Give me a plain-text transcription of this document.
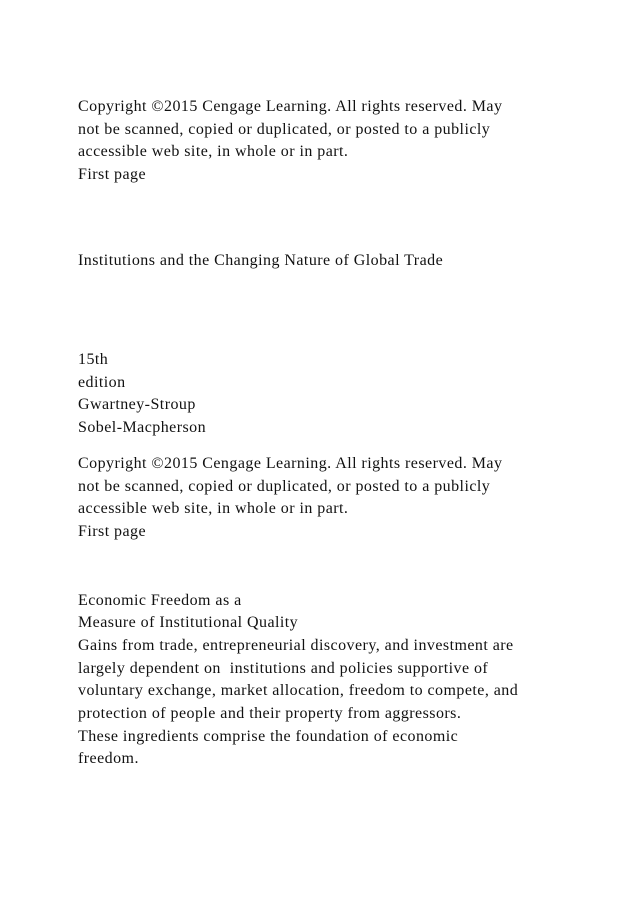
Copyright ©2015 Cengage Learning. All rights reserved. May

not be scanned, copied or duplicated, or posted to a publicly

accessible web site, in whole or in part.

First page

Institutions and the Changing Nature of Global Trade

15th

edition

Gwartney-Stroup

Sobel-Macpherson

Copyright ©2015 Cengage Learning. All rights reserved. May

not be scanned, copied or duplicated, or posted to a publicly

accessible web site, in whole or in part.

First page

Economic Freedom as a

Measure of Institutional Quality

Gains from trade, entrepreneurial discovery, and investment are

largely dependent on  institutions and policies supportive of

voluntary exchange, market allocation, freedom to compete, and

protection of people and their property from aggressors.

These ingredients comprise the foundation of economic

freedom.
